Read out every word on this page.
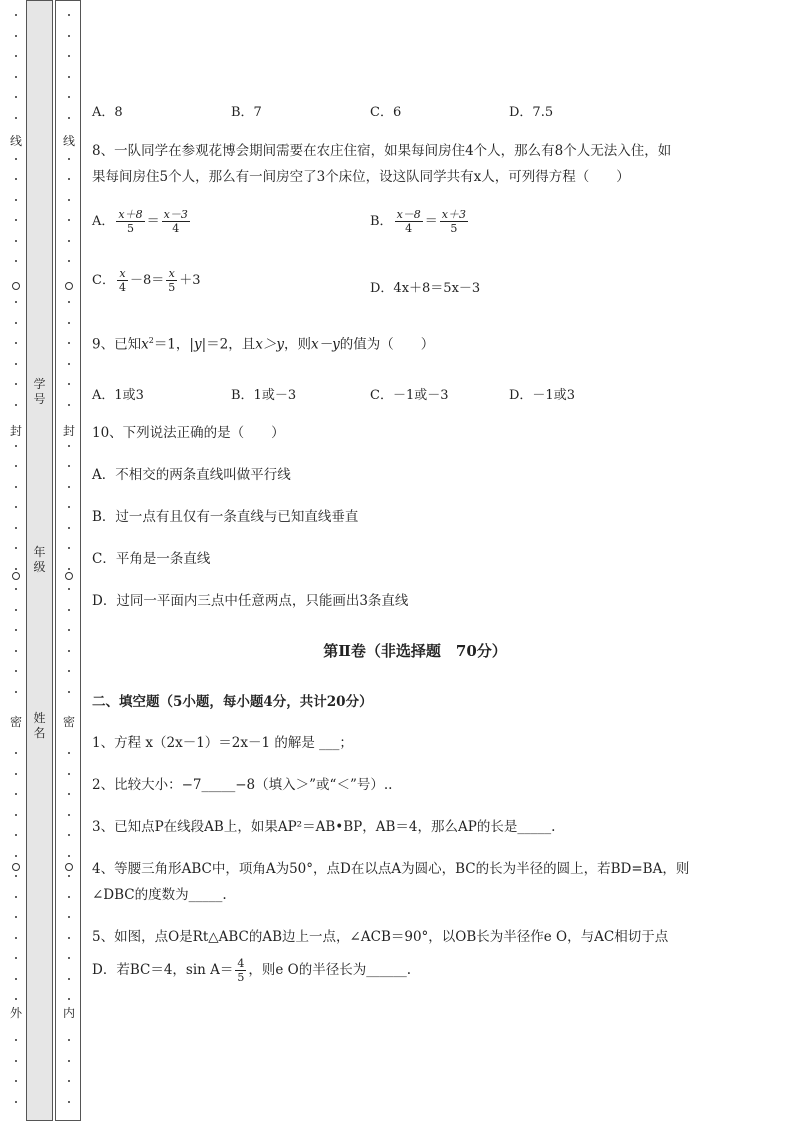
线
封
密
外
线
封
密
内
学号
年级
姓名
A．8	B．7	C．6	D．7.5
8、一队同学在参观花博会期间需要在农庄住宿，如果每间房住4个人，那么有8个人无法入住，如
果每间房住5个人，那么有一间房空了3个床位，设这队同学共有x人，可列得方程（　　）
A． $\frac{x+8}{5} = \frac{x-3}{4}$	B． $\frac{x-8}{4} = \frac{x+3}{5}$
C． $\frac{x}{4} -8= \frac{x}{5} +3$
D．4x＋8＝5x－3
9、已知$x^2=1$，|y|＝2，且x＞y，则x－y的值为（　　）
A．1或3	B．1或－3	C．－1或－3	D．－1或3
10、下列说法正确的是（　　）
A．不相交的两条直线叫做平行线
B．过一点有且仅有一条直线与已知直线垂直
C．平角是一条直线
D．过同一平面内三点中任意两点，只能画出3条直线
第Ⅱ卷（非选择题　70分）
二、填空题（5小题，每小题4分，共计20分）
1、方程 x（2x－1）＝2x－1 的解是 ___；
2、比较大小：−7_____−8（填入＞”或“＜”号）..
3、已知点P在线段AB上，如果AP²＝AB•BP，AB＝4，那么AP的长是_____.
4、等腰三角形ABC中，项角A为50°，点D在以点A为圆心，BC的长为半径的圆上，若BD=BA，则
∠DBC的度数为_____.
5、如图，点O是Rt△ABC的AB边上一点，∠ACB＝90°，以OB长为半径作e O，与AC相切于点
D．若BC＝4，$\sin A= \frac{4}{5}$ ，则e O的半径长为______.
